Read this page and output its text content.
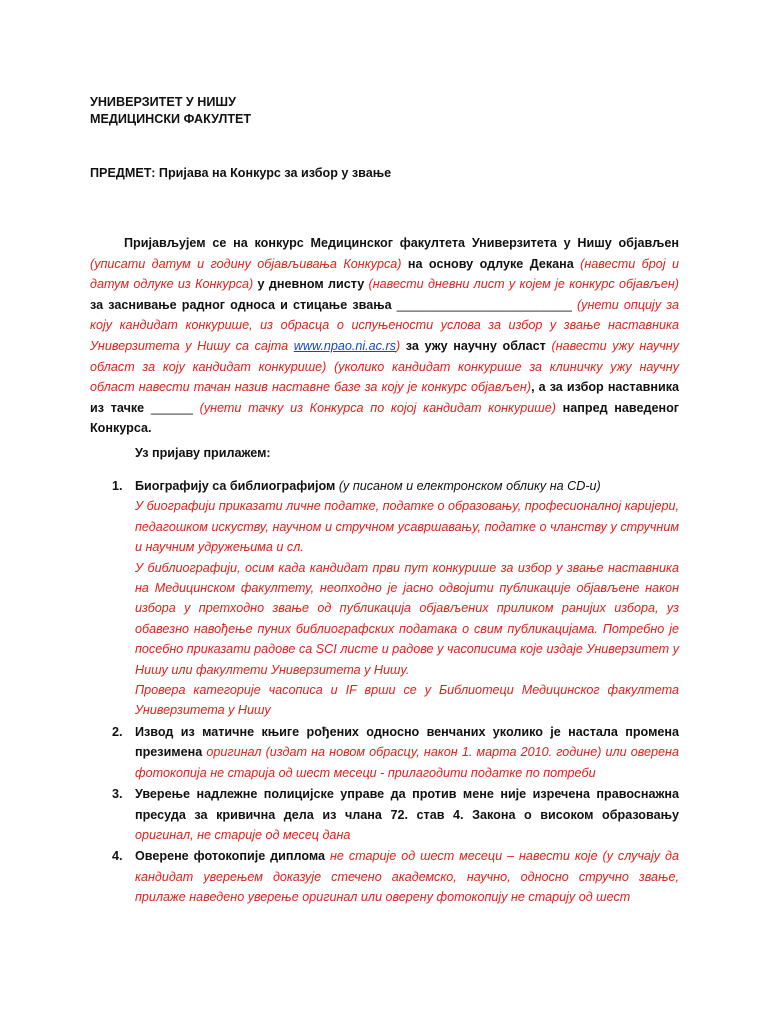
УНИВЕРЗИТЕТ У НИШУ
МЕДИЦИНСКИ ФАКУЛТЕТ
ПРЕДМЕТ: Пријава на Конкурс за избор у звање
Пријављујем се на конкурс Медицинског факултета Универзитета у Нишу објављен (уписати датум и годину објављивања Конкурса) на основу одлуке Декана (навести број и датум одлуке из Конкурса) у дневном листу (навести дневни лист у којем је конкурс објављен) за заснивање радног односа и стицање звања _________________________ (унети опцију за коју кандидат конкурише, из обрасца о испуњености услова за избор у звање наставника Универзитета у Нишу са сајта www.npao.ni.ac.rs) за ужу научну област (навести ужу научну област за коју кандидат конкурише) (уколико кандидат конкурише за клиничку ужу научну област навести тачан назив наставне базе за коју је конкурс објављен), а за избор наставника из тачке ______ (унети тачку из Конкурса по којој кандидат конкурише) напред наведеног Конкурса.
Уз пријаву прилажем:
1. Биографију са библиографијом (у писаном и електронском облику на CD-u)
У биографији приказати личне податке, податке о образовању, професионалној каријери, педагошком искуству, научном и стручном усавршавању, податке о чланству у стручним и научним удружењима и сл.
У библиографији, осим када кандидат први пут конкурише за избор у звање наставника на Медицинском факултету, неопходно је јасно одвојити публикације објављене након избора у претходно звање од публикација објављених приликом ранијих избора, уз обавезно навођење пуних библиографских података о свим публикацијама. Потребно је посебно приказати радове са SCI листе и радове у часописима које издаје Универзитет у Нишу или факултети Универзитета у Нишу.
Провера категорије часописа и IF врши се у Библиотеци Медицинског факултета Универзитета у Нишу
2. Извод из матичне књиге рођених односно венчаних уколико је настала промена презимена оригинал (издат на новом обрасцу, након 1. марта 2010. године) или оверена фотокопија не старија од шест месеци - прилагодити податке по потреби
3. Уверење надлежне полицијске управе да против мене није изречена правоснажна пресуда за кривична дела из члана 72. став 4. Закона о високом образовању оригинал, не старије од месец дана
4. Оверене фотокопије диплома не старије од шест месеци – навести које (у случају да кандидат уверењем доказује стечено академско, научно, односно стручно звање, прилаже наведено уверење оригинал или оверену фотокопију не старију од шест
